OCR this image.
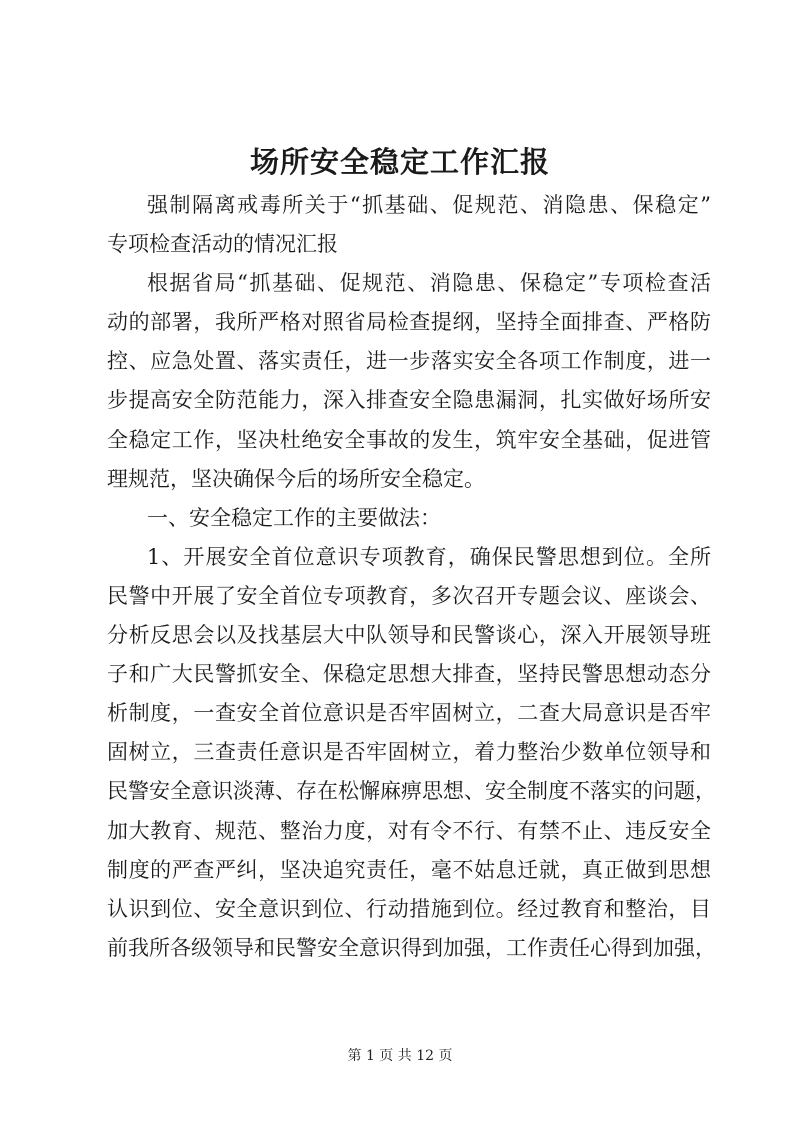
场所安全稳定工作汇报
强制隔离戒毒所关于“抓基础、促规范、消隐患、保稳定”
专项检查活动的情况汇报
根据省局“抓基础、促规范、消隐患、保稳定”专项检查活
动的部署，我所严格对照省局检查提纲，坚持全面排查、严格防
控、应急处置、落实责任，进一步落实安全各项工作制度，进一
步提高安全防范能力，深入排查安全隐患漏洞，扎实做好场所安
全稳定工作，坚决杜绝安全事故的发生，筑牢安全基础，促进管
理规范，坚决确保今后的场所安全稳定。
一、安全稳定工作的主要做法：
1、开展安全首位意识专项教育，确保民警思想到位。全所
民警中开展了安全首位专项教育，多次召开专题会议、座谈会、
分析反思会以及找基层大中队领导和民警谈心，深入开展领导班
子和广大民警抓安全、保稳定思想大排查，坚持民警思想动态分
析制度，一查安全首位意识是否牢固树立，二查大局意识是否牢
固树立，三查责任意识是否牢固树立，着力整治少数单位领导和
民警安全意识淡薄、存在松懈麻痹思想、安全制度不落实的问题，
加大教育、规范、整治力度，对有令不行、有禁不止、违反安全
制度的严查严纠，坚决追究责任，毫不姑息迁就，真正做到思想
认识到位、安全意识到位、行动措施到位。经过教育和整治，目
前我所各级领导和民警安全意识得到加强，工作责任心得到加强，
第 1 页 共 12 页
